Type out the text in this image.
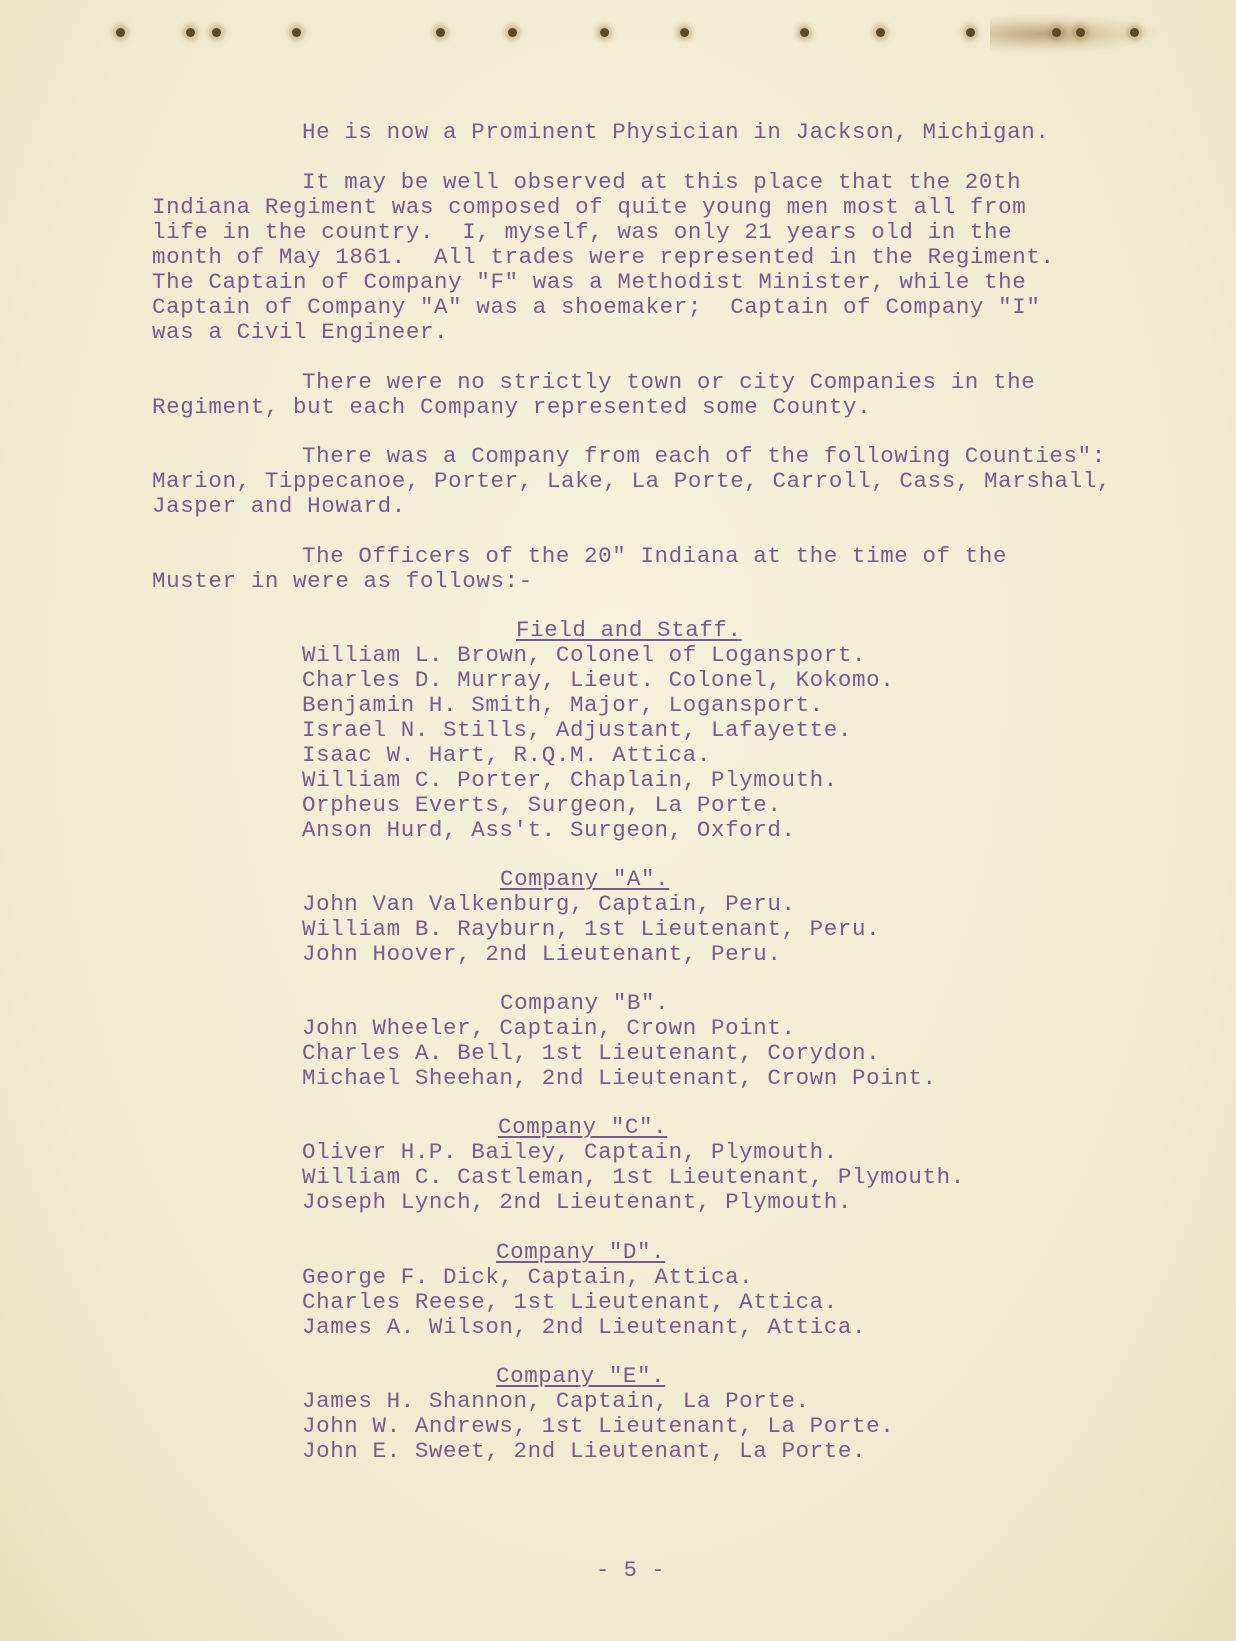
He is now a Prominent Physician in Jackson, Michigan.
It may be well observed at this place that the 20th
Indiana Regiment was composed of quite young men most all from
life in the country.  I, myself, was only 21 years old in the
month of May 1861.  All trades were represented in the Regiment.
The Captain of Company "F" was a Methodist Minister, while the
Captain of Company "A" was a shoemaker;  Captain of Company "I"
was a Civil Engineer.
There were no strictly town or city Companies in the
Regiment, but each Company represented some County.
There was a Company from each of the following Counties":
Marion, Tippecanoe, Porter, Lake, La Porte, Carroll, Cass, Marshall,
Jasper and Howard.
The Officers of the 20" Indiana at the time of the
Muster in were as follows:-
Field and Staff.
William L. Brown, Colonel of Logansport.
Charles D. Murray, Lieut. Colonel, Kokomo.
Benjamin H. Smith, Major, Logansport.
Israel N. Stills, Adjustant, Lafayette.
Isaac W. Hart, R.Q.M. Attica.
William C. Porter, Chaplain, Plymouth.
Orpheus Everts, Surgeon, La Porte.
Anson Hurd, Ass't. Surgeon, Oxford.
Company "A".
John Van Valkenburg, Captain, Peru.
William B. Rayburn, 1st Lieutenant, Peru.
John Hoover, 2nd Lieutenant, Peru.
Company "B".
John Wheeler, Captain, Crown Point.
Charles A. Bell, 1st Lieutenant, Corydon.
Michael Sheehan, 2nd Lieutenant, Crown Point.
Company "C".
Oliver H.P. Bailey, Captain, Plymouth.
William C. Castleman, 1st Lieutenant, Plymouth.
Joseph Lynch, 2nd Lieutenant, Plymouth.
Company "D".
George F. Dick, Captain, Attica.
Charles Reese, 1st Lieutenant, Attica.
James A. Wilson, 2nd Lieutenant, Attica.
Company "E".
James H. Shannon, Captain, La Porte.
John W. Andrews, 1st Lieutenant, La Porte.
John E. Sweet, 2nd Lieutenant, La Porte.
- 5 -
